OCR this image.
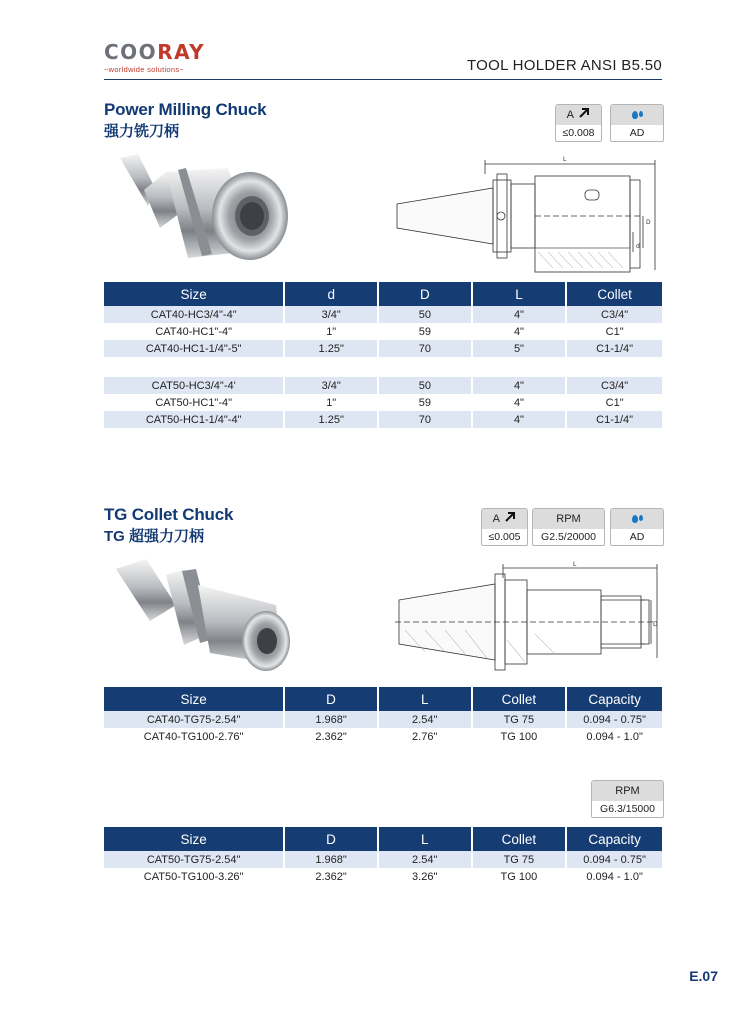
COORAY
~worldwide solutions~	TOOL HOLDER ANSI B5.50
Power Milling Chuck
强力铣刀柄
A
≤0.008	AD
L
d
D
Size	d	D	L	Collet
CAT40-HC3/4"-4"	3/4"	50	4"	C3/4"
CAT40-HC1"-4"	1"	59	4"	C1"
CAT40-HC1-1/4"-5"	1.25"	70	5"	C1-1/4"

CAT50-HC3/4"-4'	3/4"	50	4"	C3/4"
CAT50-HC1"-4"	1"	59	4"	C1"
CAT50-HC1-1/4"-4"	1.25"	70	4"	C1-1/4"
TG Collet Chuck
TG 超强力刀柄
A
≤0.005
RPM
G2.5/20000	AD
L
D
Size	D	L	Collet	Capacity
CAT40-TG75-2.54"	1.968"	2.54"	TG 75	0.094 - 0.75"
CAT40-TG100-2.76"	2.362"	2.76"	TG 100	0.094 - 1.0"
RPM
G6.3/15000
Size	D	L	Collet	Capacity
CAT50-TG75-2.54"	1.968"	2.54"	TG 75	0.094 - 0.75"
CAT50-TG100-3.26"	2.362"	3.26"	TG 100	0.094 - 1.0"
E.07
